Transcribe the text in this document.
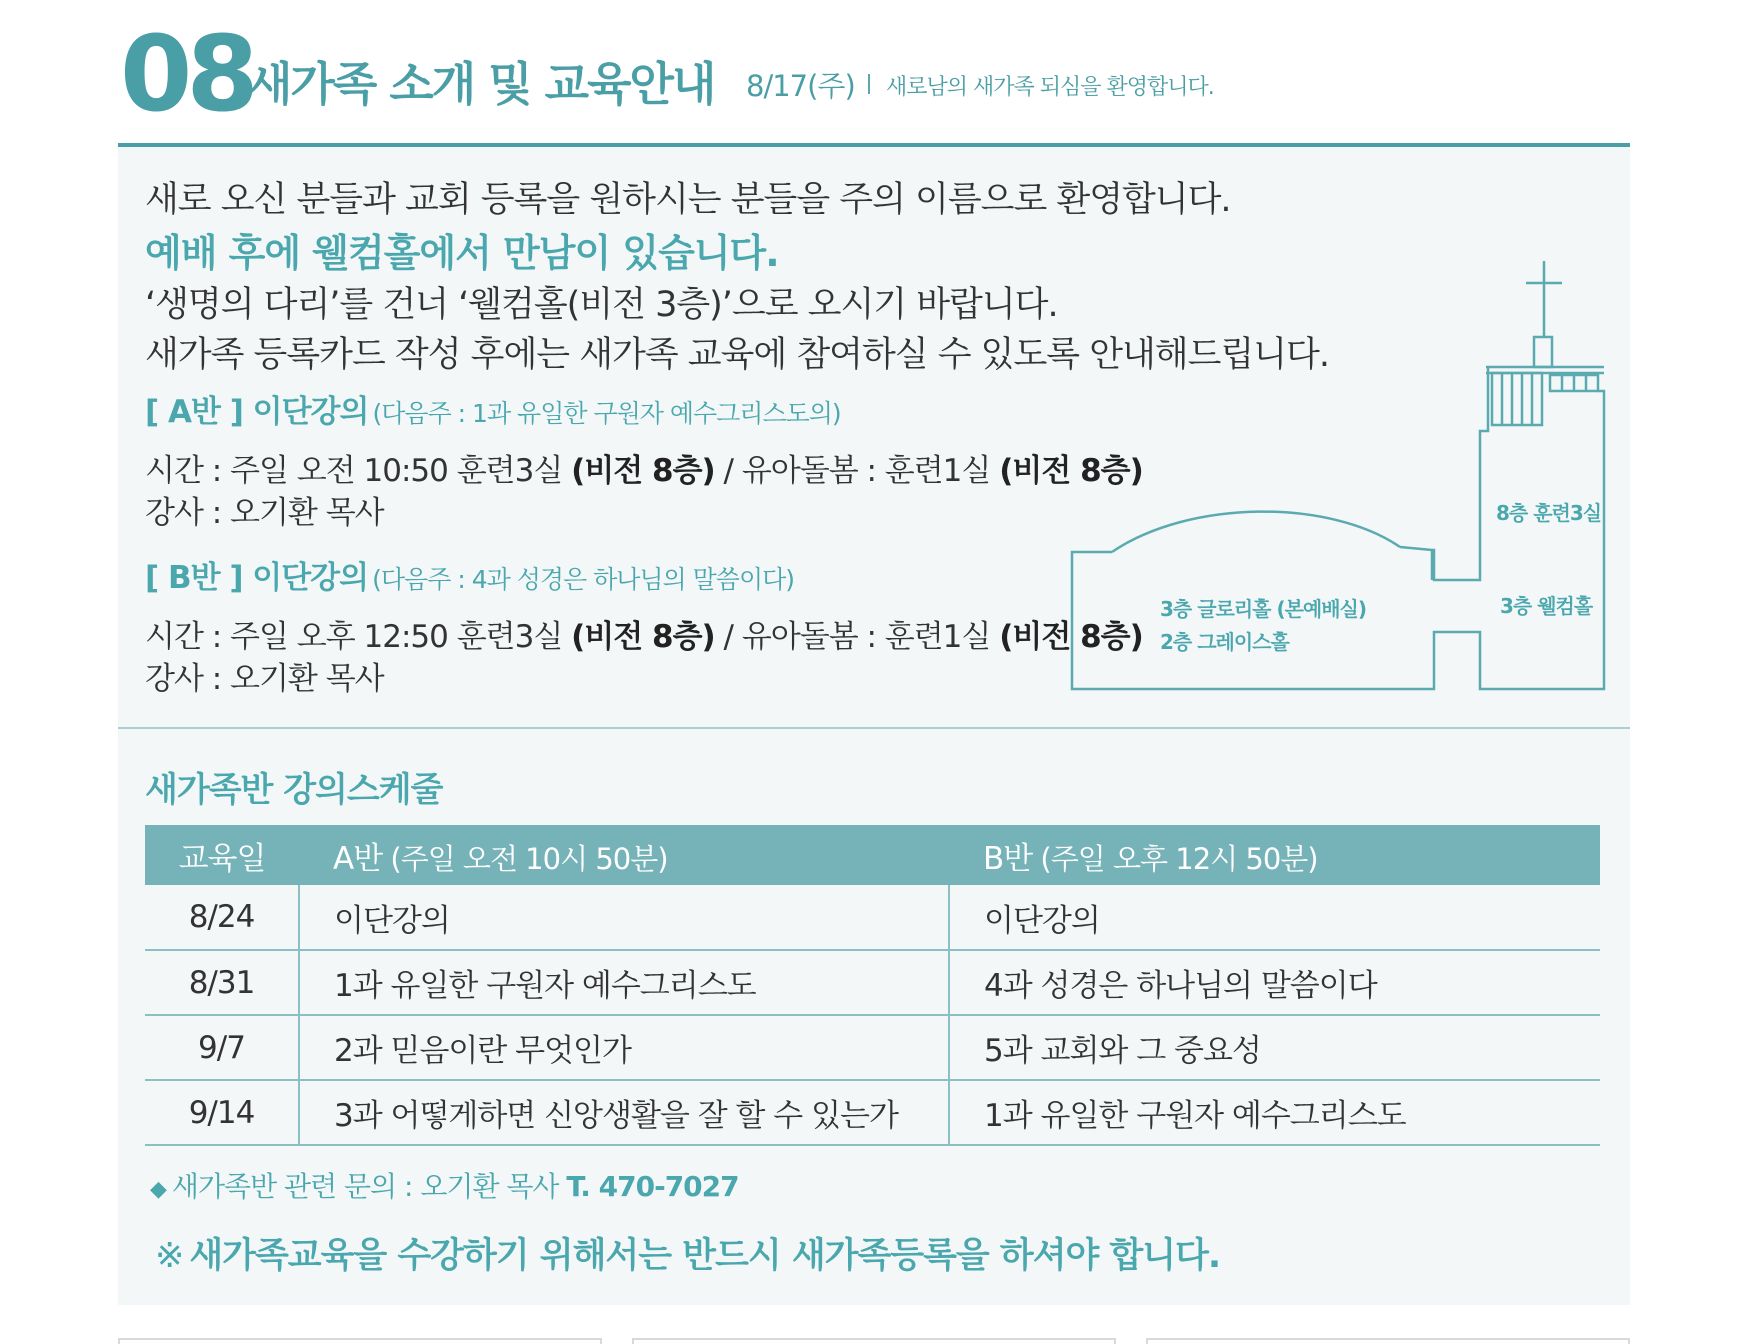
08
새가족 소개 및 교육안내 8/17(주) 새로남의 새가족 되심을 환영합니다.
새로 오신 분들과 교회 등록을 원하시는 분들을 주의 이름으로 환영합니다.
예배 후에 웰컴홀에서 만남이 있습니다.
‘생명의 다리’를 건너 ‘웰컴홀(비전 3층)’으로 오시기 바랍니다.
새가족 등록카드 작성 후에는 새가족 교육에 참여하실 수 있도록 안내해드립니다.
[ A반 ] 이단강의 (다음주 : 1과 유일한 구원자 예수그리스도의)
시간 : 주일 오전 10:50 훈련3실 (비전 8층) / 유아돌봄 : 훈련1실 (비전 8층)
강사 : 오기환 목사
[ B반 ] 이단강의 (다음주 : 4과 성경은 하나님의 말씀이다)
시간 : 주일 오후 12:50 훈련3실 (비전 8층) / 유아돌봄 : 훈련1실 (비전 8층)
강사 : 오기환 목사
8층 훈련3실
3층 웰컴홀
3층 글로리홀 (본예배실)
2층 그레이스홀
새가족반 강의스케줄
교육일	A반 (주일 오전 10시 50분)	B반 (주일 오후 12시 50분)
8/24	이단강의	이단강의
8/31	1과 유일한 구원자 예수그리스도	4과 성경은 하나님의 말씀이다
9/7	2과 믿음이란 무엇인가	5과 교회와 그 중요성
9/14	3과 어떻게하면 신앙생활을 잘 할 수 있는가	1과 유일한 구원자 예수그리스도
◆ 새가족반 관련 문의 : 오기환 목사 T. 470-7027
※ 새가족교육을 수강하기 위해서는 반드시 새가족등록을 하셔야 합니다.
